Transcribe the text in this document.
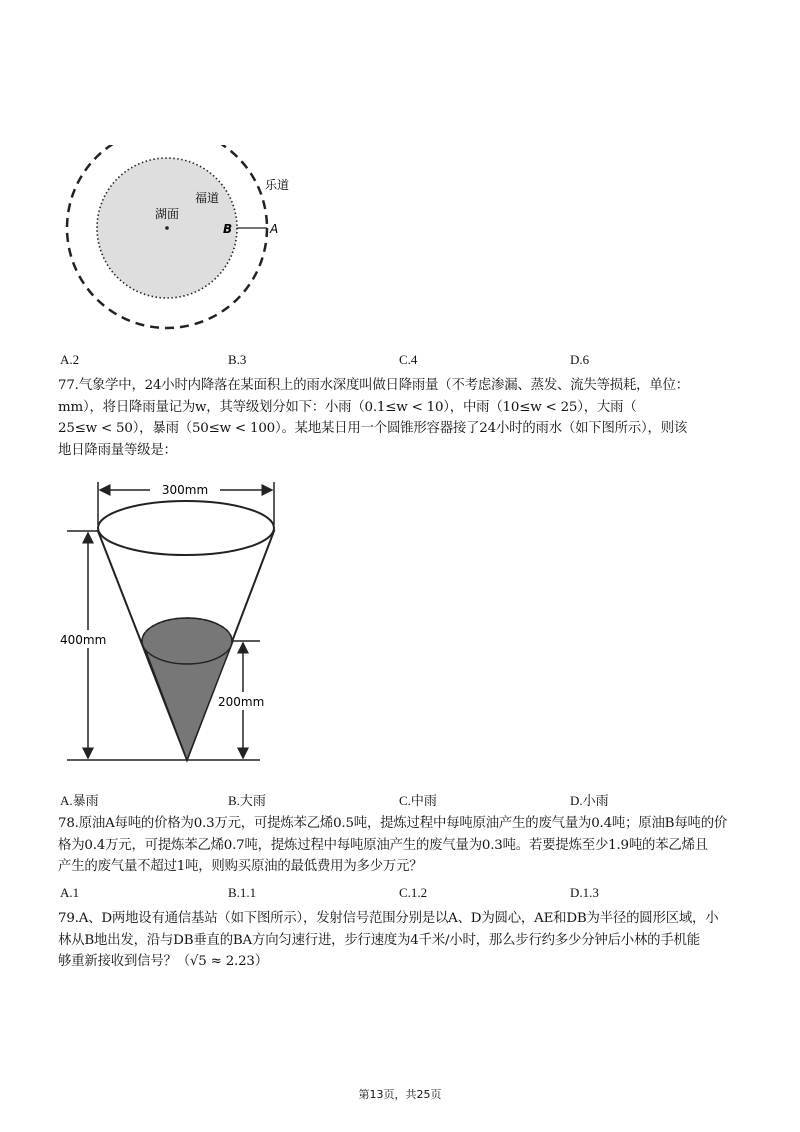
乐道
福道
湖面
B	A
A.2	B.3	C.4	D.6
77.气象学中，24小时内降落在某面积上的雨水深度叫做日降雨量（不考虑渗漏、蒸发、流失等损耗，单位：
mm），将日降雨量记为w，其等级划分如下：小雨（0.1≤w < 10），中雨（10≤w < 25），大雨（
25≤w < 50），暴雨（50≤w < 100）。某地某日用一个圆锥形容器接了24小时的雨水（如下图所示），则该
地日降雨量等级是：
300mm
400mm
200mm
A.暴雨	B.大雨	C.中雨	D.小雨
78.原油A每吨的价格为0.3万元，可提炼苯乙烯0.5吨，提炼过程中每吨原油产生的废气量为0.4吨；原油B每吨的价
格为0.4万元，可提炼苯乙烯0.7吨，提炼过程中每吨原油产生的废气量为0.3吨。若要提炼至少1.9吨的苯乙烯且
产生的废气量不超过1吨，则购买原油的最低费用为多少万元？
A.1	B.1.1	C.1.2	D.1.3
79.A、D两地设有通信基站（如下图所示），发射信号范围分别是以A、D为圆心，AE和DB为半径的圆形区域，小
林从B地出发，沿与DB垂直的BA方向匀速行进，步行速度为4千米/小时，那么步行约多少分钟后小林的手机能
够重新接收到信号？（√5 ≈ 2.23）
第13页，共25页
